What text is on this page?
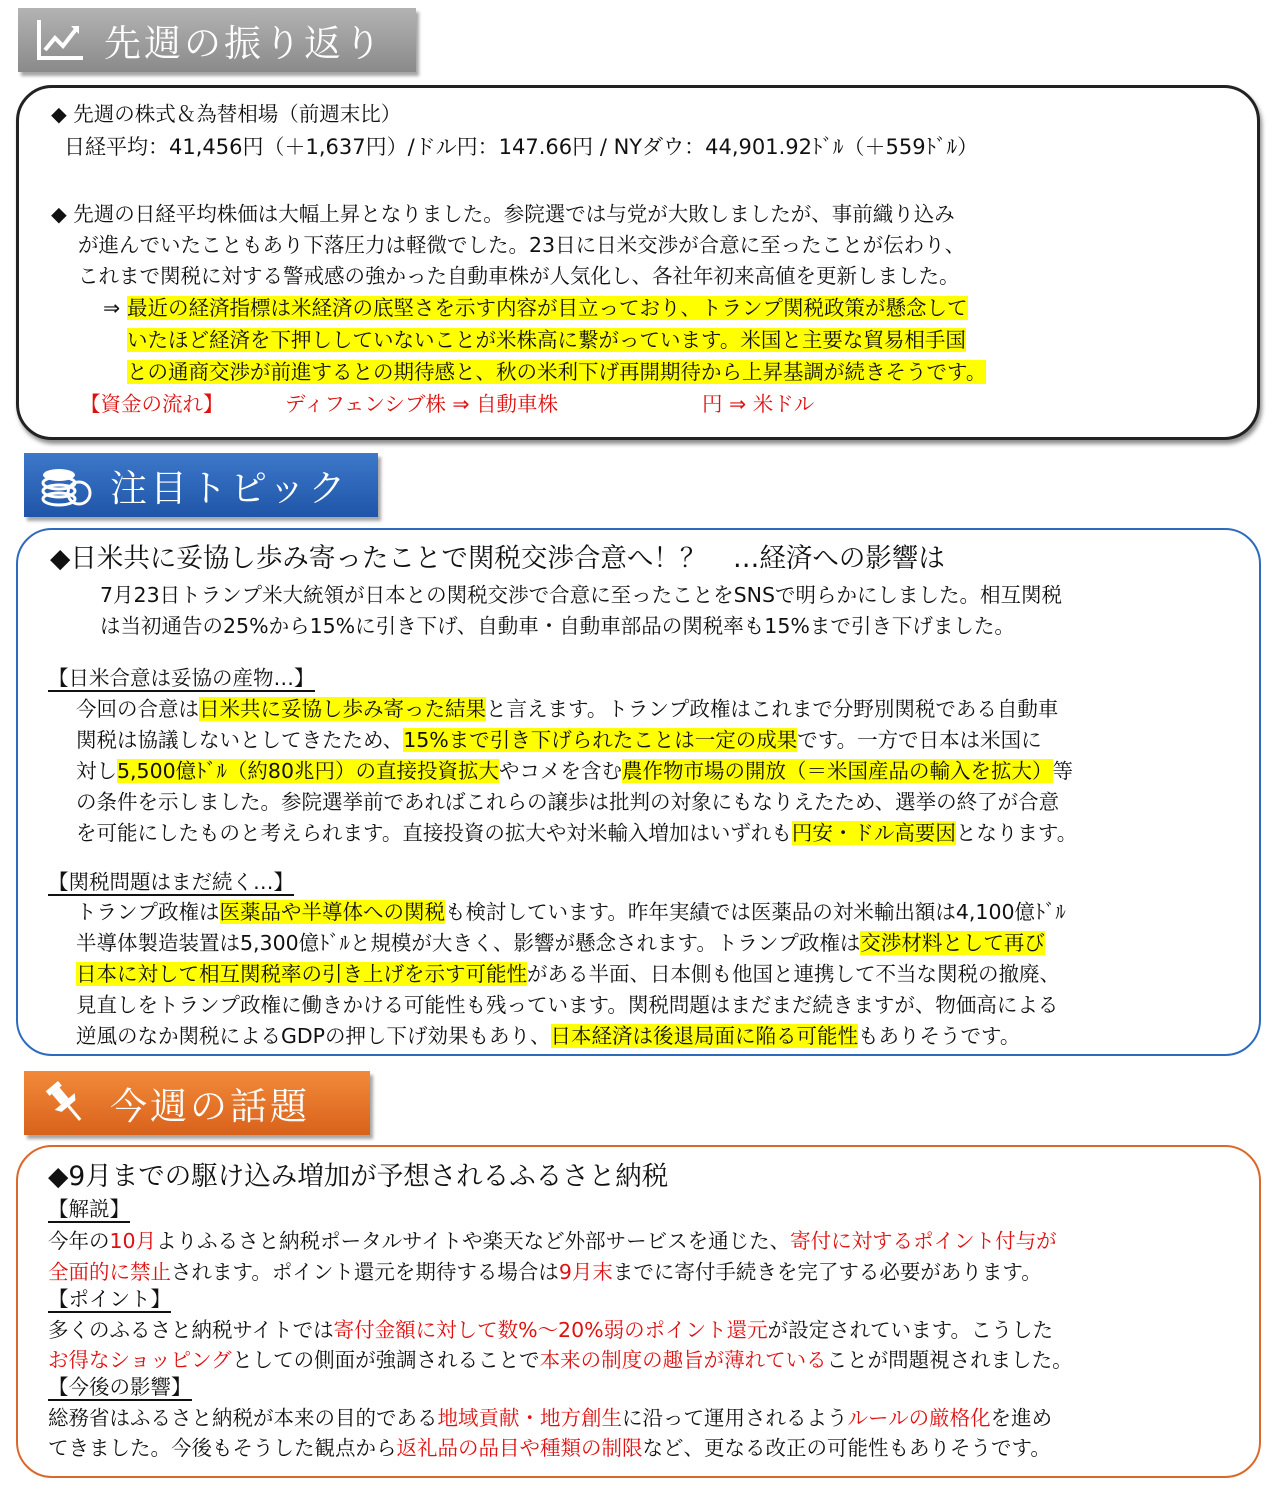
先週の振り返り
◆ 先週の株式＆為替相場（前週末比）
日経平均：41,456円（＋1,637円）/ドル円：147.66円 / NYダウ：44,901.92ﾄﾞﾙ（＋559ﾄﾞﾙ）
◆ 先週の日経平均株価は大幅上昇となりました。参院選では与党が大敗しましたが、事前織り込み
が進んでいたこともあり下落圧力は軽微でした。23日に日米交渉が合意に至ったことが伝わり、
これまで関税に対する警戒感の強かった自動車株が人気化し、各社年初来高値を更新しました。
⇒ 最近の経済指標は米経済の底堅さを示す内容が目立っており、トランプ関税政策が懸念して
いたほど経済を下押ししていないことが米株高に繋がっています。米国と主要な貿易相手国
との通商交渉が前進するとの期待感と、秋の米利下げ再開期待から上昇基調が続きそうです。
【資金の流れ】	ディフェンシブ株 ⇒ 自動車株	円 ⇒ 米ドル
注目トピック
◆日米共に妥協し歩み寄ったことで関税交渉合意へ！？　…経済への影響は
7月23日トランプ米大統領が日本との関税交渉で合意に至ったことをSNSで明らかにしました。相互関税
は当初通告の25%から15%に引き下げ、自動車・自動車部品の関税率も15%まで引き下げました。
【日米合意は妥協の産物…】
今回の合意は日米共に妥協し歩み寄った結果と言えます。トランプ政権はこれまで分野別関税である自動車
関税は協議しないとしてきたため、15%まで引き下げられたことは一定の成果です。一方で日本は米国に
対し5,500億ﾄﾞﾙ（約80兆円）の直接投資拡大やコメを含む農作物市場の開放（＝米国産品の輸入を拡大）等
の条件を示しました。参院選挙前であればこれらの譲歩は批判の対象にもなりえたため、選挙の終了が合意
を可能にしたものと考えられます。直接投資の拡大や対米輸入増加はいずれも円安・ドル高要因となります。
【関税問題はまだ続く…】
トランプ政権は医薬品や半導体への関税も検討しています。昨年実績では医薬品の対米輸出額は4,100億ﾄﾞﾙ
半導体製造装置は5,300億ﾄﾞﾙと規模が大きく、影響が懸念されます。トランプ政権は交渉材料として再び
日本に対して相互関税率の引き上げを示す可能性がある半面、日本側も他国と連携して不当な関税の撤廃、
見直しをトランプ政権に働きかける可能性も残っています。関税問題はまだまだ続きますが、物価高による
逆風のなか関税によるGDPの押し下げ効果もあり、日本経済は後退局面に陥る可能性もありそうです。
今週の話題
◆9月までの駆け込み増加が予想されるふるさと納税
【解説】
今年の10月よりふるさと納税ポータルサイトや楽天など外部サービスを通じた、寄付に対するポイント付与が
全面的に禁止されます。ポイント還元を期待する場合は9月末までに寄付手続きを完了する必要があります。
【ポイント】
多くのふるさと納税サイトでは寄付金額に対して数%～20%弱のポイント還元が設定されています。こうした
お得なショッピングとしての側面が強調されることで本来の制度の趣旨が薄れていることが問題視されました。
【今後の影響】
総務省はふるさと納税が本来の目的である地域貢献・地方創生に沿って運用されるようルールの厳格化を進め
てきました。今後もそうした観点から返礼品の品目や種類の制限など、更なる改正の可能性もありそうです。
